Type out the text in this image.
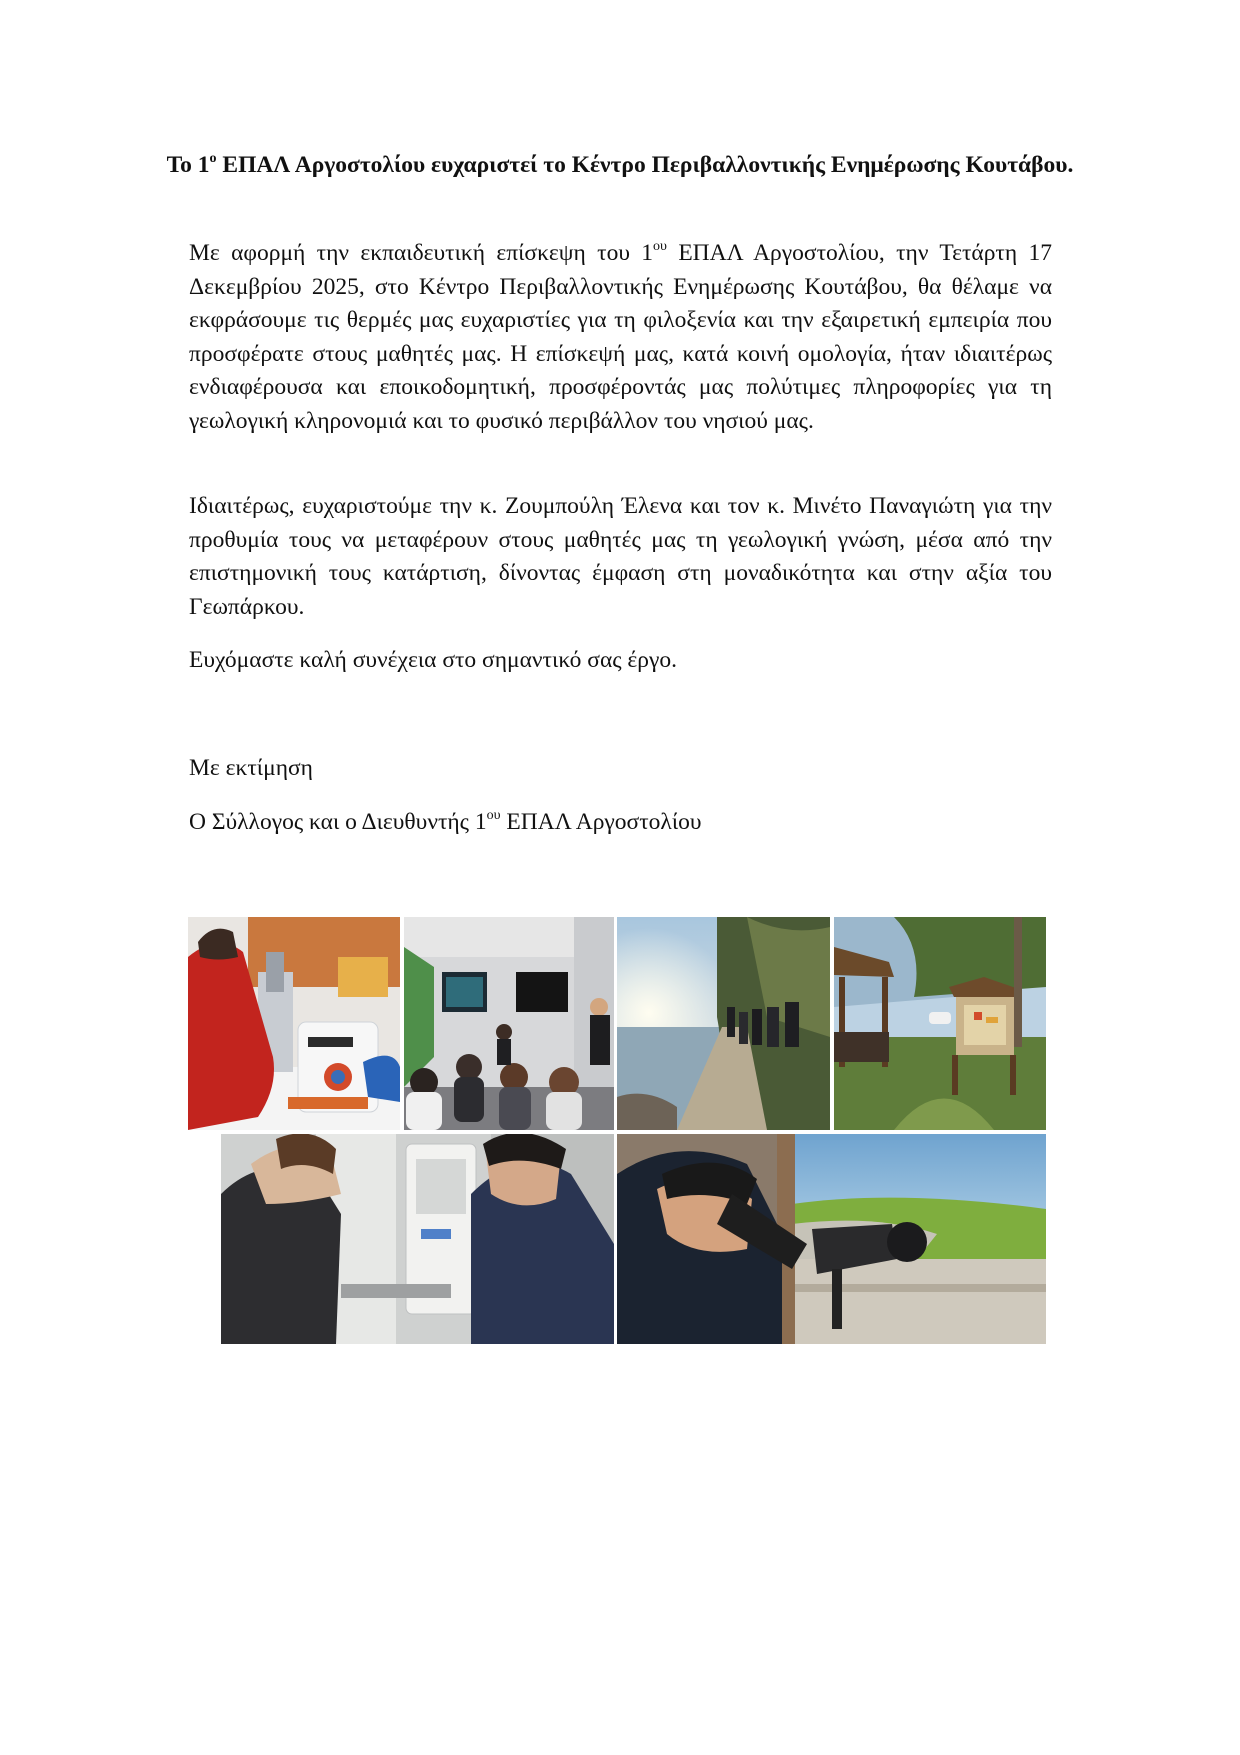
Το $1^o$ ΕΠΑΛ Αργοστολίου ευχαριστεί το Κέντρο Περιβαλλοντικής Ενημέρωσης Κουτάβου.

Με αφορμή την εκπαιδευτική επίσκεψη του $1^{o\upsilon}$ ΕΠΑΛ Αργοστολίου, την Τετάρτη 17 Δεκεμβρίου 2025, στο Κέντρο Περιβαλλοντικής Ενημέρωσης Κουτάβου, θα θέλαμε να εκφράσουμε τις θερμές μας ευχαριστίες για τη φιλοξενία και την εξαιρετική εμπειρία που προσφέρατε στους μαθητές μας. Η επίσκεψή μας, κατά κοινή ομολογία, ήταν ιδιαιτέρως ενδιαφέρουσα και εποικοδομητική, προσφέροντάς μας πολύτιμες πληροφορίες για τη γεωλογική κληρονομιά και το φυσικό περιβάλλον του νησιού μας.

Ιδιαιτέρως, ευχαριστούμε την κ. Ζουμπούλη Έλενα και τον κ. Μινέτο Παναγιώτη για την προθυμία τους να μεταφέρουν στους μαθητές μας τη γεωλογική γνώση, μέσα από την επιστημονική τους κατάρτιση, δίνοντας έμφαση στη μοναδικότητα και στην αξία του Γεωπάρκου.

Ευχόμαστε καλή συνέχεια στο σημαντικό σας έργο.

Με εκτίμηση

Ο Σύλλογος και ο Διευθυντής $1^{o\upsilon}$ ΕΠΑΛ Αργοστολίου
